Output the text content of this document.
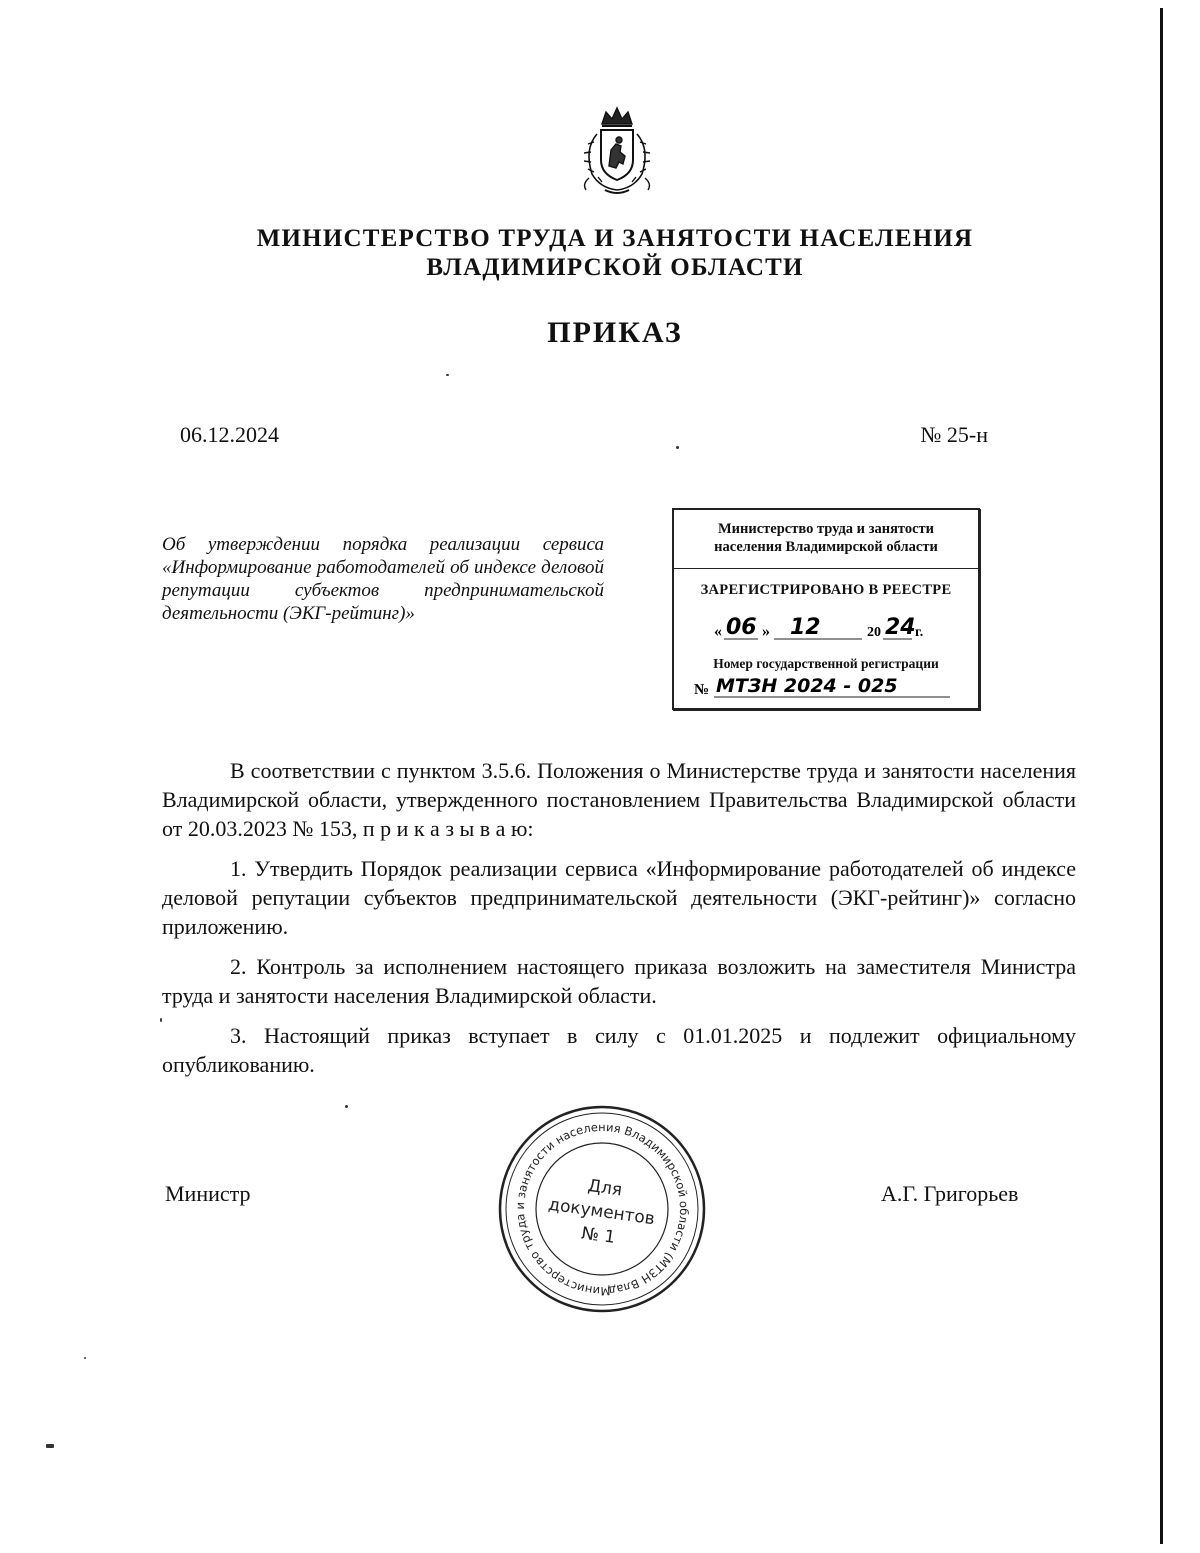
МИНИСТЕРСТВО ТРУДА И ЗАНЯТОСТИ НАСЕЛЕНИЯ
ВЛАДИМИРСКОЙ ОБЛАСТИ
ПРИКАЗ
06.12.2024	№ 25-н
Об утверждении порядка реализации сервиса «Информирование работодателей об индексе деловой репутации субъектов предпринимательской деятельности (ЭКГ-рейтинг)»
Министерство труда и занятости
населения Владимирской области
ЗАРЕГИСТРИРОВАНО В РЕЕСТРЕ
« 06 » 12	20 24 г.
Номер государственной регистрации
№ МТЗН 2024 - 025

В соответствии с пунктом 3.5.6. Положения о Министерстве труда и занятости населения Владимирской области, утвержденного постановлением Правительства Владимирской области от 20.03.2023 № 153, п р и к а з ы в а ю:

1. Утвердить Порядок реализации сервиса «Информирование работодателей об индексе деловой репутации субъектов предпринимательской деятельности (ЭКГ-рейтинг)» согласно приложению.

2. Контроль за исполнением настоящего приказа возложить на заместителя Министра труда и занятости населения Владимирской области.

3. Настоящий приказ вступает в силу с 01.01.2025 и подлежит официальному опубликованию.

Министр	А.Г. Григорьев
Министерство труда и занятости населения Владимирской области (МТЗН Владимирской
Для
документов
№ 1
